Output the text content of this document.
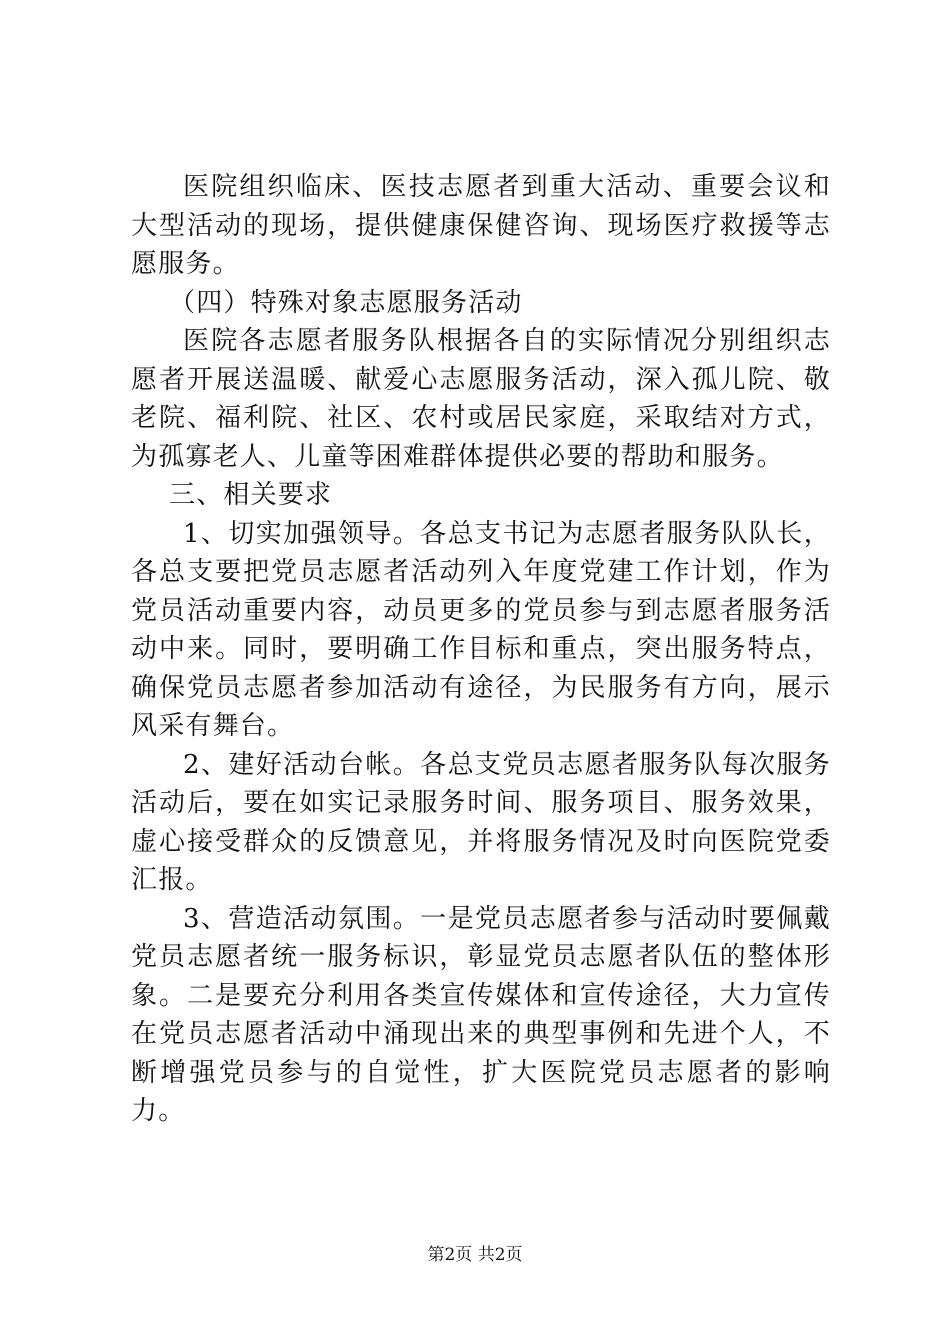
医院组织临床、医技志愿者到重大活动、重要会议和大型活动的现场，提供健康保健咨询、现场医疗救援等志愿服务。

（四）特殊对象志愿服务活动

医院各志愿者服务队根据各自的实际情况分别组织志愿者开展送温暖、献爱心志愿服务活动，深入孤儿院、敬老院、福利院、社区、农村或居民家庭，采取结对方式，为孤寡老人、儿童等困难群体提供必要的帮助和服务。

三、相关要求

1、切实加强领导。各总支书记为志愿者服务队队长，各总支要把党员志愿者活动列入年度党建工作计划，作为党员活动重要内容，动员更多的党员参与到志愿者服务活动中来。同时，要明确工作目标和重点，突出服务特点，确保党员志愿者参加活动有途径，为民服务有方向，展示风采有舞台。

2、建好活动台帐。各总支党员志愿者服务队每次服务活动后，要在如实记录服务时间、服务项目、服务效果，虚心接受群众的反馈意见，并将服务情况及时向医院党委汇报。

3、营造活动氛围。一是党员志愿者参与活动时要佩戴党员志愿者统一服务标识，彰显党员志愿者队伍的整体形象。二是要充分利用各类宣传媒体和宣传途径，大力宣传在党员志愿者活动中涌现出来的典型事例和先进个人，不断增强党员参与的自觉性，扩大医院党员志愿者的影响力。

第2页 共2页
